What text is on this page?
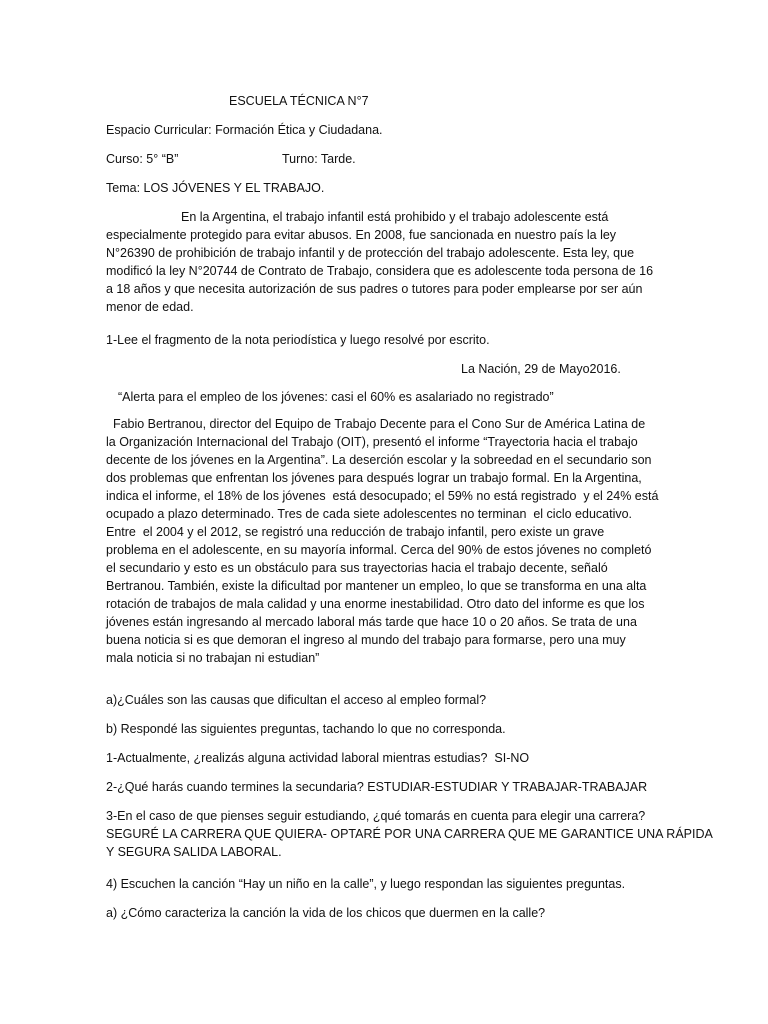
ESCUELA TÉCNICA N°7

Espacio Curricular: Formación Ética y Ciudadana.

Curso: 5° “B”	Turno: Tarde.

Tema: LOS JÓVENES Y EL TRABAJO.

En la Argentina, el trabajo infantil está prohibido y el trabajo adolescente está
especialmente protegido para evitar abusos. En 2008, fue sancionada en nuestro país la ley
N°26390 de prohibición de trabajo infantil y de protección del trabajo adolescente. Esta ley, que
modificó la ley N°20744 de Contrato de Trabajo, considera que es adolescente toda persona de 16
a 18 años y que necesita autorización de sus padres o tutores para poder emplearse por ser aún
menor de edad.

1-Lee el fragmento de la nota periodística y luego resolvé por escrito.

La Nación, 29 de Mayo2016.

“Alerta para el empleo de los jóvenes: casi el 60% es asalariado no registrado”

Fabio Bertranou, director del Equipo de Trabajo Decente para el Cono Sur de América Latina de
la Organización Internacional del Trabajo (OIT), presentó el informe “Trayectoria hacia el trabajo
decente de los jóvenes en la Argentina”. La deserción escolar y la sobreedad en el secundario son
dos problemas que enfrentan los jóvenes para después lograr un trabajo formal. En la Argentina,
indica el informe, el 18% de los jóvenes  está desocupado; el 59% no está registrado  y el 24% está
ocupado a plazo determinado. Tres de cada siete adolescentes no terminan  el ciclo educativo.
Entre  el 2004 y el 2012, se registró una reducción de trabajo infantil, pero existe un grave
problema en el adolescente, en su mayoría informal. Cerca del 90% de estos jóvenes no completó
el secundario y esto es un obstáculo para sus trayectorias hacia el trabajo decente, señaló
Bertranou. También, existe la dificultad por mantener un empleo, lo que se transforma en una alta
rotación de trabajos de mala calidad y una enorme inestabilidad. Otro dato del informe es que los
jóvenes están ingresando al mercado laboral más tarde que hace 10 o 20 años. Se trata de una
buena noticia si es que demoran el ingreso al mundo del trabajo para formarse, pero una muy
mala noticia si no trabajan ni estudian”

a)¿Cuáles son las causas que dificultan el acceso al empleo formal?

b) Respondé las siguientes preguntas, tachando lo que no corresponda.

1-Actualmente, ¿realizás alguna actividad laboral mientras estudias?  SI-NO

2-¿Qué harás cuando termines la secundaria? ESTUDIAR-ESTUDIAR Y TRABAJAR-TRABAJAR

3-En el caso de que pienses seguir estudiando, ¿qué tomarás en cuenta para elegir una carrera?
SEGURÉ LA CARRERA QUE QUIERA- OPTARÉ POR UNA CARRERA QUE ME GARANTICE UNA RÁPIDA
Y SEGURA SALIDA LABORAL.

4) Escuchen la canción “Hay un niño en la calle”, y luego respondan las siguientes preguntas.

a) ¿Cómo caracteriza la canción la vida de los chicos que duermen en la calle?
